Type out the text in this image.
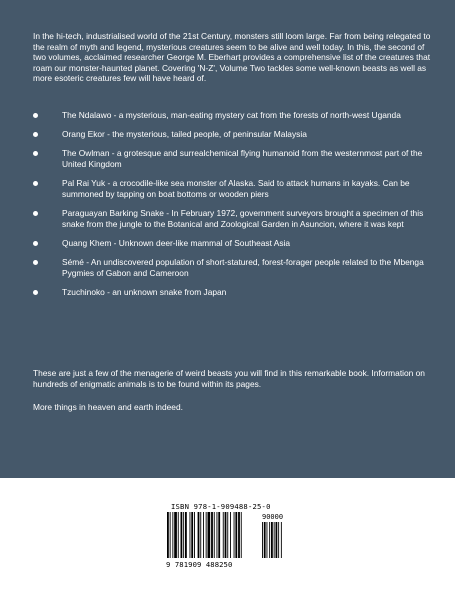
In the hi-tech, industrialised world of the 21st Century, monsters still loom large. Far from being relegated to the realm of myth and legend, mysterious creatures seem to be alive and well today. In this, the second of two volumes, acclaimed researcher George M. Eberhart provides a comprehensive list of the creatures that roam our monster-haunted planet. Covering 'N-Z', Volume Two tackles some well-known beasts as well as more esoteric creatures few will have heard of.

The Ndalawo - a mysterious, man-eating mystery cat from the forests of north-west Uganda
Orang Ekor - the mysterious, tailed people, of peninsular Malaysia
The Owlman - a grotesque and surrealchemical flying humanoid from the westernmost part of the United Kingdom
Pal Rai Yuk - a crocodile-like sea monster of Alaska. Said to attack humans in kayaks. Can be summoned by tapping on boat bottoms or wooden piers
Paraguayan Barking Snake - In February 1972, government surveyors brought a specimen of this snake from the jungle to the Botanical and Zoological Garden in Asuncion, where it was kept
Quang Khem - Unknown deer-like mammal of Southeast Asia
Sémé - An undiscovered population of short-statured, forest-forager people related to the Mbenga Pygmies of Gabon and Cameroon
Tzuchinoko - an unknown snake from Japan

These are just a few of the menagerie of weird beasts you will find in this remarkable book. Information on hundreds of enigmatic animals is to be found within its pages.

More things in heaven and earth indeed.

ISBN 978-1-909488-25-0
90000
9 781909 488250
